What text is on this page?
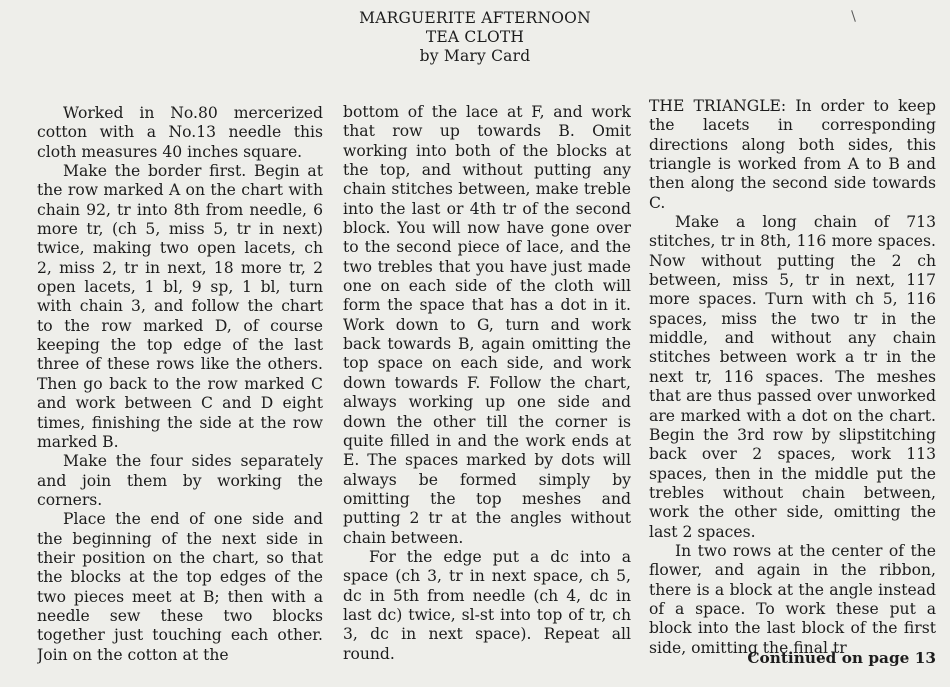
MARGUERITE AFTERNOON
TEA CLOTH
by Mary Card

Worked in No.80 mercerized cotton with a No.13 needle this cloth measures 40 inches square.

Make the border first. Begin at the row marked A on the chart with chain 92, tr into 8th from needle, 6 more tr, (ch 5, miss 5, tr in next) twice, making two open lacets, ch 2, miss 2, tr in next, 18 more tr, 2 open lacets, 1 bl, 9 sp, 1 bl, turn with chain 3, and follow the chart to the row marked D, of course keeping the top edge of the last three of these rows like the others. Then go back to the row marked C and work between C and D eight times, finishing the side at the row marked B.

Make the four sides separately and join them by working the corners.

Place the end of one side and the beginning of the next side in their position on the chart, so that the blocks at the top edges of the two pieces meet at B; then with a needle sew these two blocks together just touching each other. Join on the cotton at the

bottom of the lace at F, and work that row up towards B. Omit working into both of the blocks at the top, and without putting any chain stitches between, make treble into the last or 4th tr of the second block. You will now have gone over to the second piece of lace, and the two trebles that you have just made one on each side of the cloth will form the space that has a dot in it. Work down to G, turn and work back towards B, again omitting the top space on each side, and work down towards F. Follow the chart, always working up one side and down the other till the corner is quite filled in and the work ends at E. The spaces marked by dots will always be formed simply by omitting the top meshes and putting 2 tr at the angles without chain between.

For the edge put a dc into a space (ch 3, tr in next space, ch 5, dc in 5th from needle (ch 4, dc in last dc) twice, sl-st into top of tr, ch 3, dc in next space). Repeat all round.

THE TRIANGLE: In order to keep the lacets in corresponding directions along both sides, this triangle is worked from A to B and then along the second side towards C.

Make a long chain of 713 stitches, tr in 8th, 116 more spaces. Now without putting the 2 ch between, miss 5, tr in next, 117 more spaces. Turn with ch 5, 116 spaces, miss the two tr in the middle, and without any chain stitches between work a tr in the next tr, 116 spaces. The meshes that are thus passed over unworked are marked with a dot on the chart. Begin the 3rd row by slipstitching back over 2 spaces, work 113 spaces, then in the middle put the trebles without chain between, work the other side, omitting the last 2 spaces.

In two rows at the center of the flower, and again in the ribbon, there is a block at the angle instead of a space. To work these put a block into the last block of the first side, omitting the final tr

Continued on page 13
